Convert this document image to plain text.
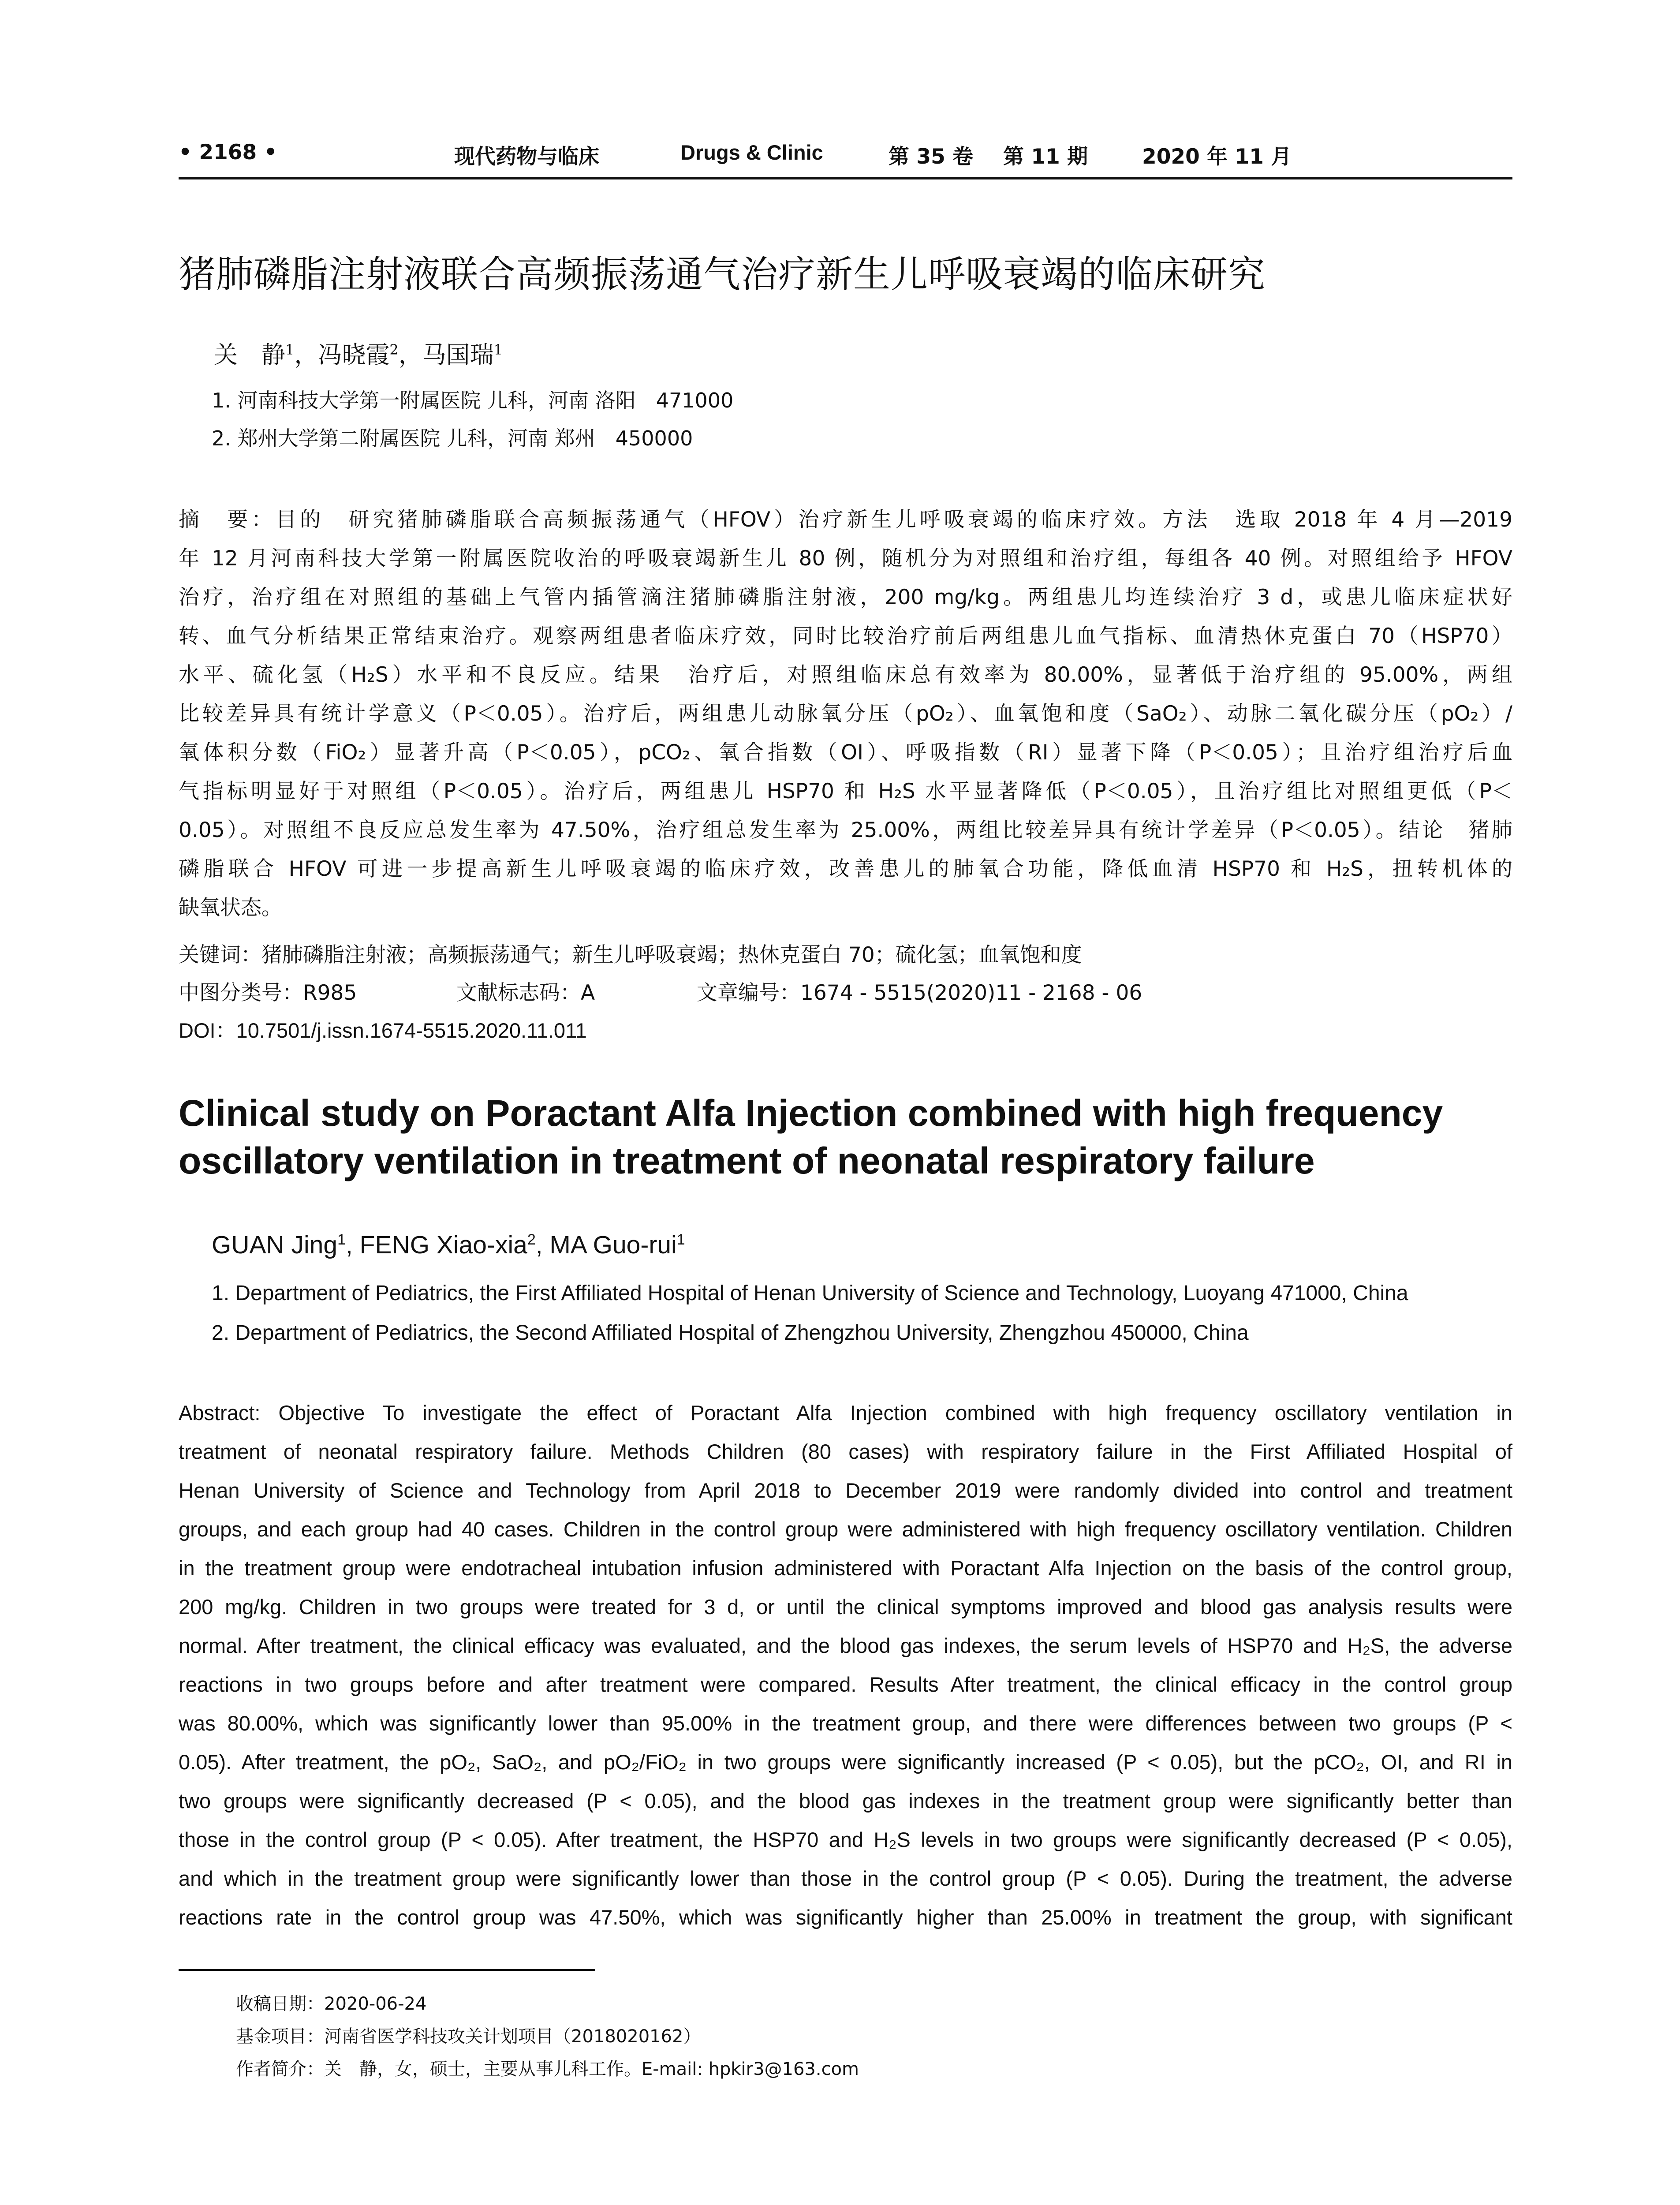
• 2168 •	现代药物与临床	Drugs & Clinic	第 35 卷 第 11 期	2020 年 11 月
猪肺磷脂注射液联合高频振荡通气治疗新生儿呼吸衰竭的临床研究
关　静$^1$，冯晓霞$^2$，马国瑞$^1$
1. 河南科技大学第一附属医院 儿科，河南 洛阳　471000
2. 郑州大学第二附属医院 儿科，河南 郑州　450000
摘　要：目的　研究猪肺磷脂联合高频振荡通气（HFOV）治疗新生儿呼吸衰竭的临床疗效。方法　选取 2018 年 4 月—2019
年 12 月河南科技大学第一附属医院收治的呼吸衰竭新生儿 80 例，随机分为对照组和治疗组，每组各 40 例。对照组给予 HFOV
治疗，治疗组在对照组的基础上气管内插管滴注猪肺磷脂注射液，200 mg/kg。两组患儿均连续治疗 3 d，或患儿临床症状好
转、血气分析结果正常结束治疗。观察两组患者临床疗效，同时比较治疗前后两组患儿血气指标、血清热休克蛋白 70（HSP70）
水平、硫化氢（H₂S）水平和不良反应。结果　治疗后，对照组临床总有效率为 80.00%，显著低于治疗组的 95.00%，两组
比较差异具有统计学意义（P＜0.05）。治疗后，两组患儿动脉氧分压（pO₂）、血氧饱和度（SaO₂）、动脉二氧化碳分压（pO₂）/
氧体积分数（FiO₂）显著升高（P＜0.05），pCO₂、氧合指数（OI）、呼吸指数（RI）显著下降（P＜0.05）；且治疗组治疗后血
气指标明显好于对照组（P＜0.05）。治疗后，两组患儿 HSP70 和 H₂S 水平显著降低（P＜0.05），且治疗组比对照组更低（P＜
0.05）。对照组不良反应总发生率为 47.50%，治疗组总发生率为 25.00%，两组比较差异具有统计学差异（P＜0.05）。结论　猪肺
磷脂联合 HFOV 可进一步提高新生儿呼吸衰竭的临床疗效，改善患儿的肺氧合功能，降低血清 HSP70 和 H₂S，扭转机体的
缺氧状态。
关键词：猪肺磷脂注射液；高频振荡通气；新生儿呼吸衰竭；热休克蛋白 70；硫化氢；血氧饱和度
中图分类号：R985	文献标志码：A	文章编号：1674 - 5515(2020)11 - 2168 - 06
DOI：10.7501/j.issn.1674-5515.2020.11.011
Clinical study on Poractant Alfa Injection combined with high frequency oscillatory ventilation in treatment of neonatal respiratory failure
GUAN Jing$^1$, FENG Xiao-xia$^2$, MA Guo-rui$^1$
1. Department of Pediatrics, the First Affiliated Hospital of Henan University of Science and Technology, Luoyang 471000, China
2. Department of Pediatrics, the Second Affiliated Hospital of Zhengzhou University, Zhengzhou 450000, China
Abstract: Objective To investigate the effect of Poractant Alfa Injection combined with high frequency oscillatory ventilation in
treatment of neonatal respiratory failure. Methods Children (80 cases) with respiratory failure in the First Affiliated Hospital of
Henan University of Science and Technology from April 2018 to December 2019 were randomly divided into control and treatment
groups, and each group had 40 cases. Children in the control group were administered with high frequency oscillatory ventilation. Children
in the treatment group were endotracheal intubation infusion administered with Poractant Alfa Injection on the basis of the control group,
200 mg/kg. Children in two groups were treated for 3 d, or until the clinical symptoms improved and blood gas analysis results were
normal. After treatment, the clinical efficacy was evaluated, and the blood gas indexes, the serum levels of HSP70 and H₂S, the adverse
reactions in two groups before and after treatment were compared. Results After treatment, the clinical efficacy in the control group
was 80.00%, which was significantly lower than 95.00% in the treatment group, and there were differences between two groups (P <
0.05). After treatment, the pO₂, SaO₂, and pO₂/FiO₂ in two groups were significantly increased (P < 0.05), but the pCO₂, OI, and RI in
two groups were significantly decreased (P < 0.05), and the blood gas indexes in the treatment group were significantly better than
those in the control group (P < 0.05). After treatment, the HSP70 and H₂S levels in two groups were significantly decreased (P < 0.05),
and which in the treatment group were significantly lower than those in the control group (P < 0.05). During the treatment, the adverse
reactions rate in the control group was 47.50%, which was significantly higher than 25.00% in treatment the group, with significant
收稿日期：2020-06-24
基金项目：河南省医学科技攻关计划项目（2018020162）
作者简介：关　静，女，硕士，主要从事儿科工作。E-mail: hpkir3@163.com
